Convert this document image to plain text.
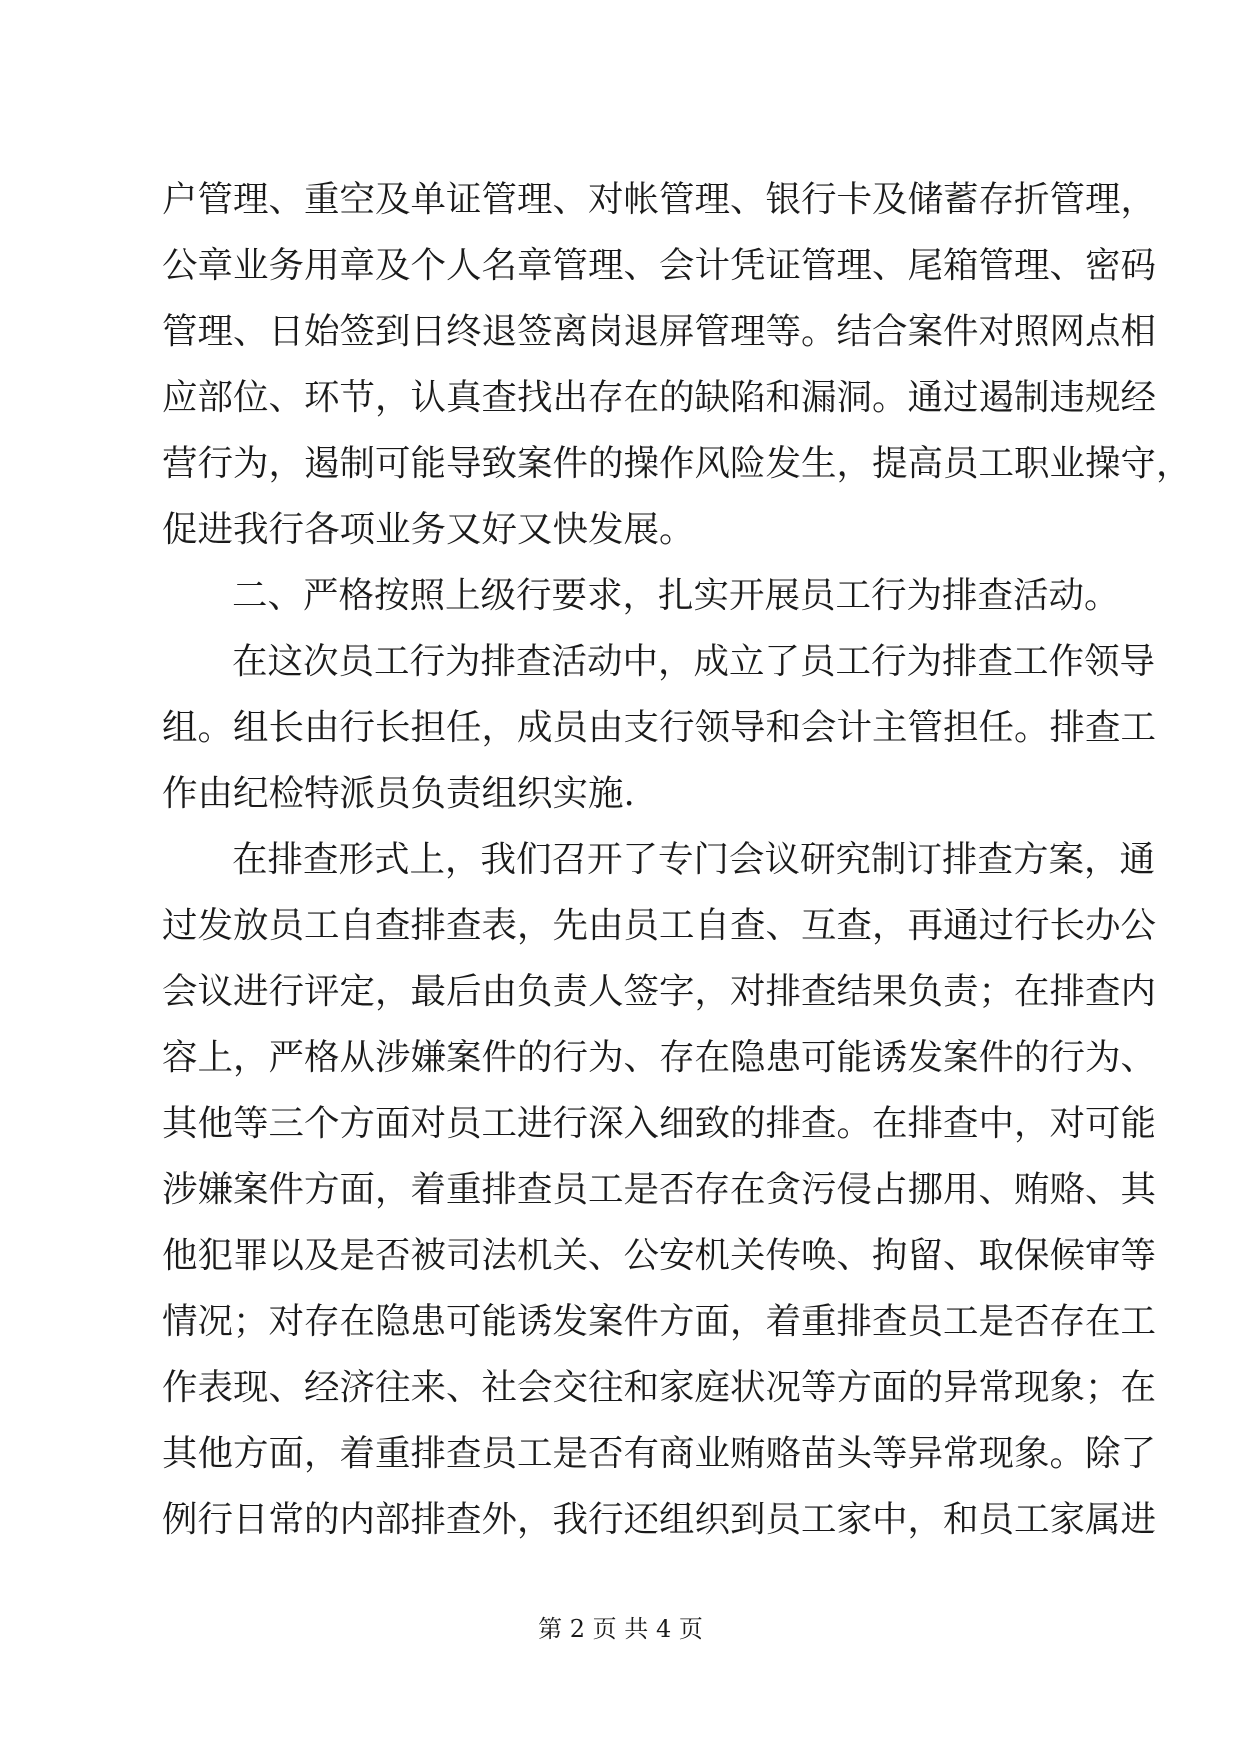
户管理、重空及单证管理、对帐管理、银行卡及储蓄存折管理，
公章业务用章及个人名章管理、会计凭证管理、尾箱管理、密码
管理、日始签到日终退签离岗退屏管理等。结合案件对照网点相
应部位、环节，认真查找出存在的缺陷和漏洞。通过遏制违规经
营行为，遏制可能导致案件的操作风险发生，提高员工职业操守，
促进我行各项业务又好又快发展。
二、严格按照上级行要求，扎实开展员工行为排查活动。
在这次员工行为排查活动中，成立了员工行为排查工作领导
组。组长由行长担任，成员由支行领导和会计主管担任。排查工
作由纪检特派员负责组织实施.
在排查形式上，我们召开了专门会议研究制订排查方案，通
过发放员工自查排查表，先由员工自查、互查，再通过行长办公
会议进行评定，最后由负责人签字，对排查结果负责；在排查内
容上，严格从涉嫌案件的行为、存在隐患可能诱发案件的行为、
其他等三个方面对员工进行深入细致的排查。在排查中，对可能
涉嫌案件方面，着重排查员工是否存在贪污侵占挪用、贿赂、其
他犯罪以及是否被司法机关、公安机关传唤、拘留、取保候审等
情况；对存在隐患可能诱发案件方面，着重排查员工是否存在工
作表现、经济往来、社会交往和家庭状况等方面的异常现象；在
其他方面，着重排查员工是否有商业贿赂苗头等异常现象。除了
例行日常的内部排查外，我行还组织到员工家中，和员工家属进
第 2 页 共 4 页
